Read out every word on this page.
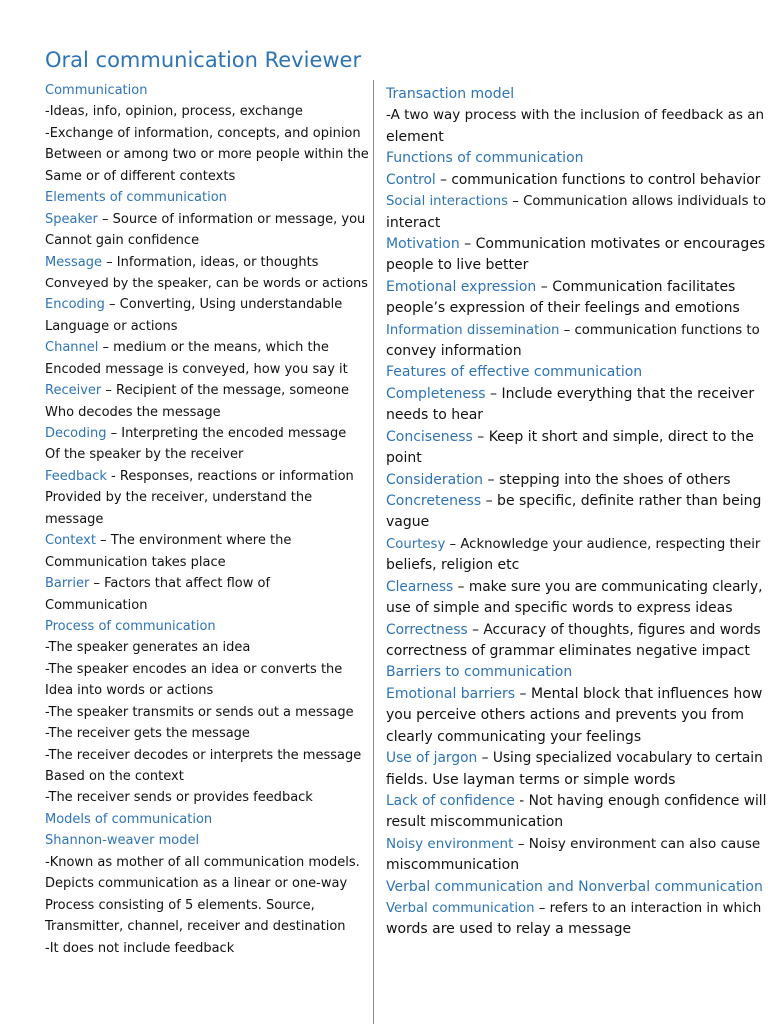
Oral communication Reviewer
Communication
-Ideas, info, opinion, process, exchange
-Exchange of information, concepts, and opinion
Between or among two or more people within the
Same or of different contexts
Elements of communication
Speaker – Source of information or message, you
Cannot gain confidence
Message – Information, ideas, or thoughts
Conveyed by the speaker, can be words or actions
Encoding – Converting, Using understandable
Language or actions
Channel – medium or the means, which the
Encoded message is conveyed, how you say it
Receiver – Recipient of the message, someone
Who decodes the message
Decoding – Interpreting the encoded message
Of the speaker by the receiver
Feedback - Responses, reactions or information
Provided by the receiver, understand the
message
Context – The environment where the
Communication takes place
Barrier – Factors that affect flow of
Communication
Process of communication
-The speaker generates an idea
-The speaker encodes an idea or converts the
Idea into words or actions
-The speaker transmits or sends out a message
-The receiver gets the message
-The receiver decodes or interprets the message
Based on the context
-The receiver sends or provides feedback
Models of communication
Shannon-weaver model
-Known as mother of all communication models.
Depicts communication as a linear or one-way
Process consisting of 5 elements. Source,
Transmitter, channel, receiver and destination
-It does not include feedback
Transaction model
-A two way process with the inclusion of feedback as an
element
Functions of communication
Control – communication functions to control behavior
Social interactions – Communication allows individuals to
interact
Motivation – Communication motivates or encourages
people to live better
Emotional expression – Communication facilitates
people’s expression of their feelings and emotions
Information dissemination – communication functions to
convey information
Features of effective communication
Completeness – Include everything that the receiver
needs to hear
Conciseness – Keep it short and simple, direct to the
point
Consideration – stepping into the shoes of others
Concreteness – be specific, definite rather than being
vague
Courtesy – Acknowledge your audience, respecting their
beliefs, religion etc
Clearness – make sure you are communicating clearly,
use of simple and specific words to express ideas
Correctness – Accuracy of thoughts, figures and words
correctness of grammar eliminates negative impact
Barriers to communication
Emotional barriers – Mental block that influences how
you perceive others actions and prevents you from
clearly communicating your feelings
Use of jargon – Using specialized vocabulary to certain
fields. Use layman terms or simple words
Lack of confidence - Not having enough confidence will
result miscommunication
Noisy environment – Noisy environment can also cause
miscommunication
Verbal communication and Nonverbal communication
Verbal communication – refers to an interaction in which
words are used to relay a message
